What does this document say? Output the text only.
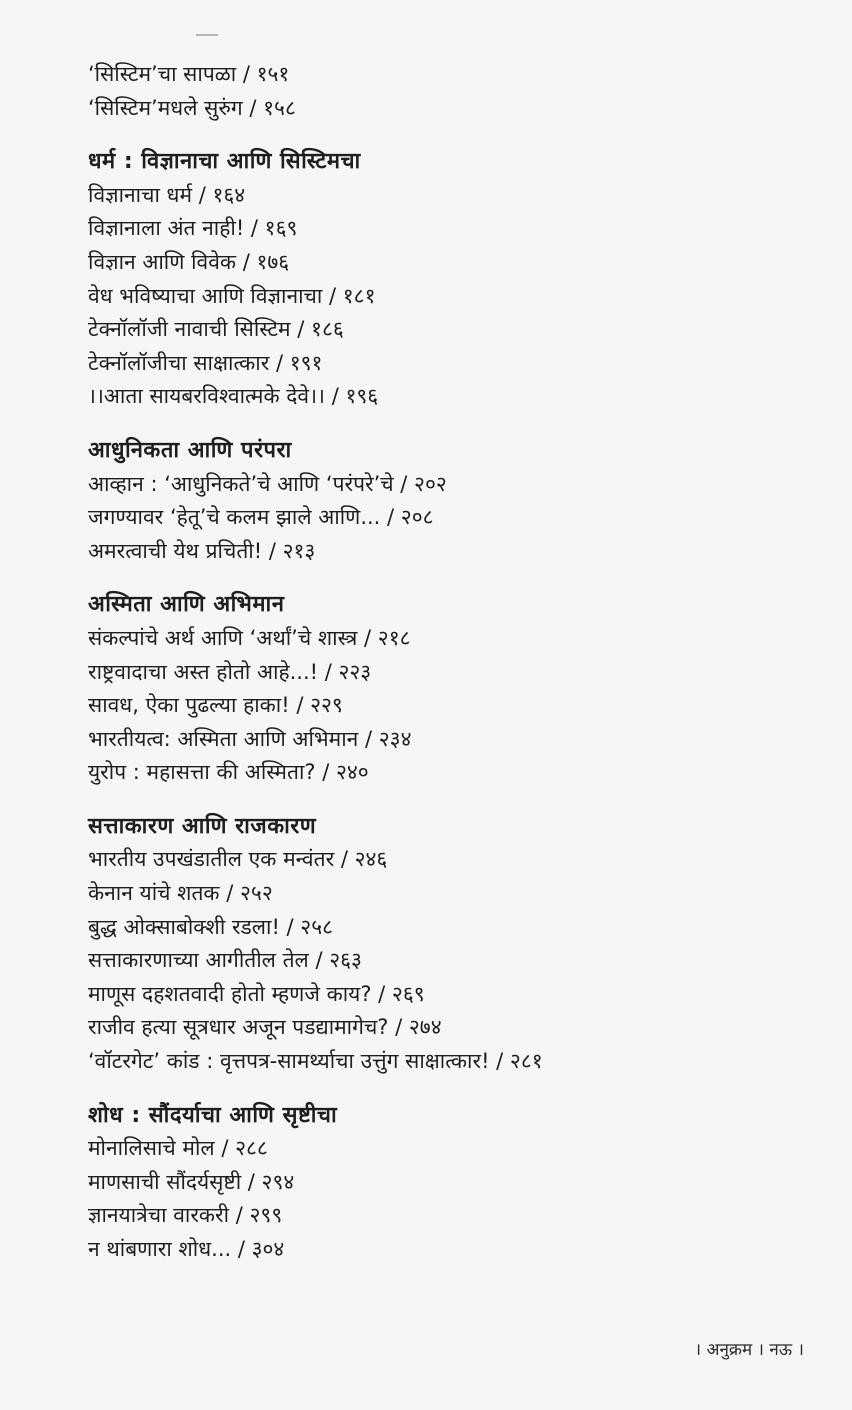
‘सिस्टिम’चा सापळा / १५१
‘सिस्टिम’मधले सुरुंग / १५८
धर्म : विज्ञानाचा आणि सिस्टिमचा
विज्ञानाचा धर्म / १६४
विज्ञानाला अंत नाही! / १६९
विज्ञान आणि विवेक / १७६
वेध भविष्याचा आणि विज्ञानाचा / १८१
टेक्नॉलॉजी नावाची सिस्टिम / १८६
टेक्नॉलॉजीचा साक्षात्कार / १९१
।।आता सायबरविश्वात्मके देवे।। / १९६
आधुनिकता आणि परंपरा
आव्हान : ‘आधुनिकते’चे आणि ‘परंपरे’चे / २०२
जगण्यावर ‘हेतू’चे कलम झाले आणि... / २०८
अमरत्वाची येथ प्रचिती! / २१३
अस्मिता आणि अभिमान
संकल्पांचे अर्थ आणि ‘अर्थां’चे शास्त्र / २१८
राष्ट्रवादाचा अस्त होतो आहे...! / २२३
सावध, ऐका पुढल्या हाका! / २२९
भारतीयत्व: अस्मिता आणि अभिमान / २३४
युरोप : महासत्ता की अस्मिता? / २४०
सत्ताकारण आणि राजकारण
भारतीय उपखंडातील एक मन्वंतर / २४६
केनान यांचे शतक / २५२
बुद्ध ओक्साबोक्शी रडला! / २५८
सत्ताकारणाच्या आगीतील तेल / २६३
माणूस दहशतवादी होतो म्हणजे काय? / २६९
राजीव हत्या सूत्रधार अजून पडद्यामागेच? / २७४
‘वॉटरगेट’ कांड : वृत्तपत्र-सामर्थ्याचा उत्तुंग साक्षात्कार! / २८१
शोध : सौंदर्याचा आणि सृष्टीचा
मोनालिसाचे मोल / २८८
माणसाची सौंदर्यसृष्टी / २९४
ज्ञानयात्रेचा वारकरी / २९९
न थांबणारा शोध... / ३०४
। अनुक्रम । नऊ ।
